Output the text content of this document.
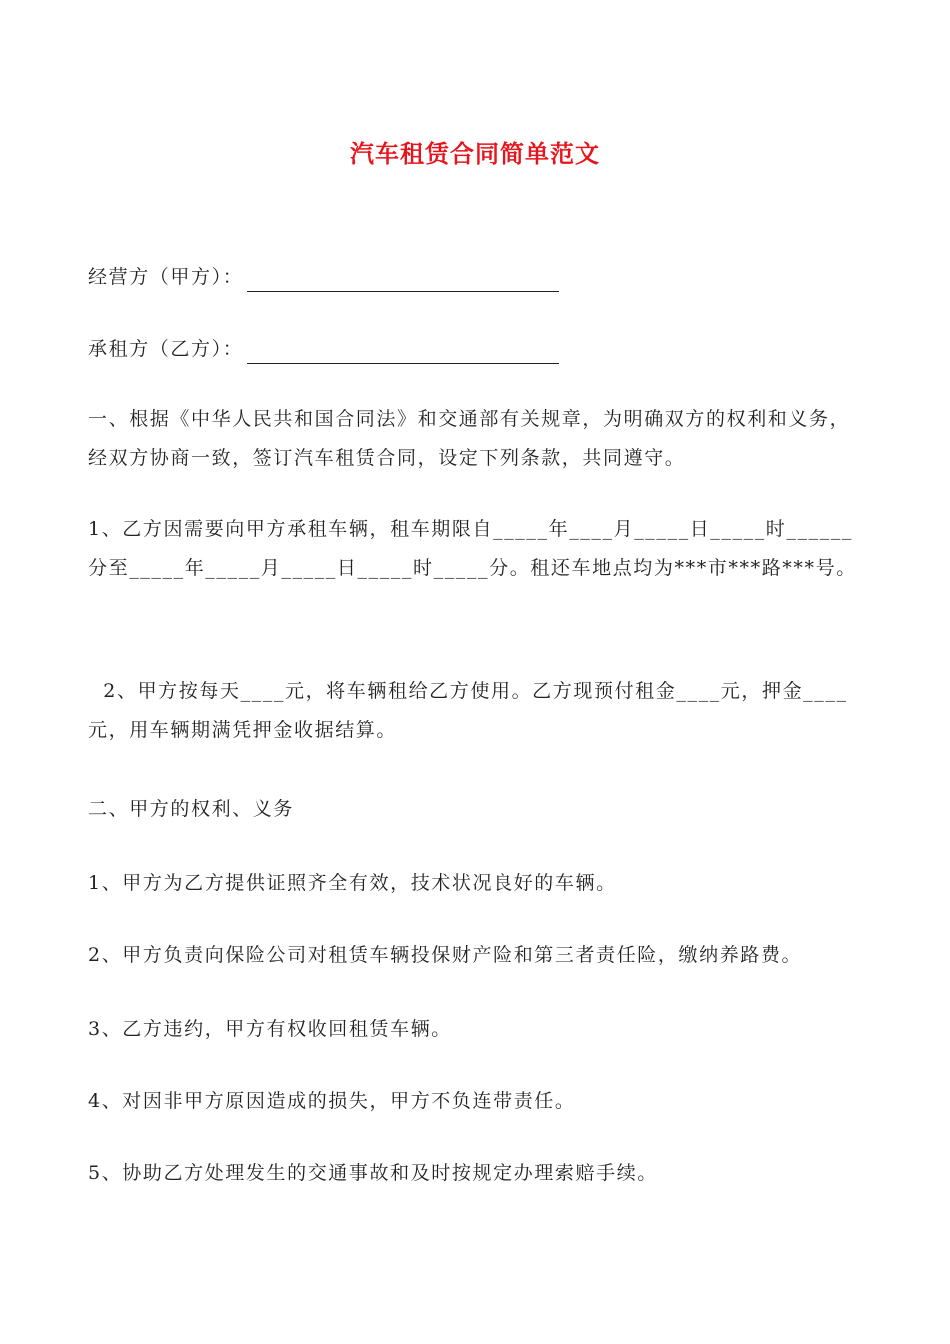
汽车租赁合同简单范文
经营方（甲方）：
承租方（乙方）：
一、根据《中华人民共和国合同法》和交通部有关规章，为明确双方的权利和义务，经双方协商一致，签订汽车租赁合同，设定下列条款，共同遵守。
1、乙方因需要向甲方承租车辆，租车期限自_____年____月_____日_____时______分至_____年_____月_____日_____时_____分。租还车地点均为***市***路***号。
2、甲方按每天____元，将车辆租给乙方使用。乙方现预付租金____元，押金____元，用车辆期满凭押金收据结算。
二、甲方的权利、义务
1、甲方为乙方提供证照齐全有效，技术状况良好的车辆。
2、甲方负责向保险公司对租赁车辆投保财产险和第三者责任险，缴纳养路费。
3、乙方违约，甲方有权收回租赁车辆。
4、对因非甲方原因造成的损失，甲方不负连带责任。
5、协助乙方处理发生的交通事故和及时按规定办理索赔手续。
